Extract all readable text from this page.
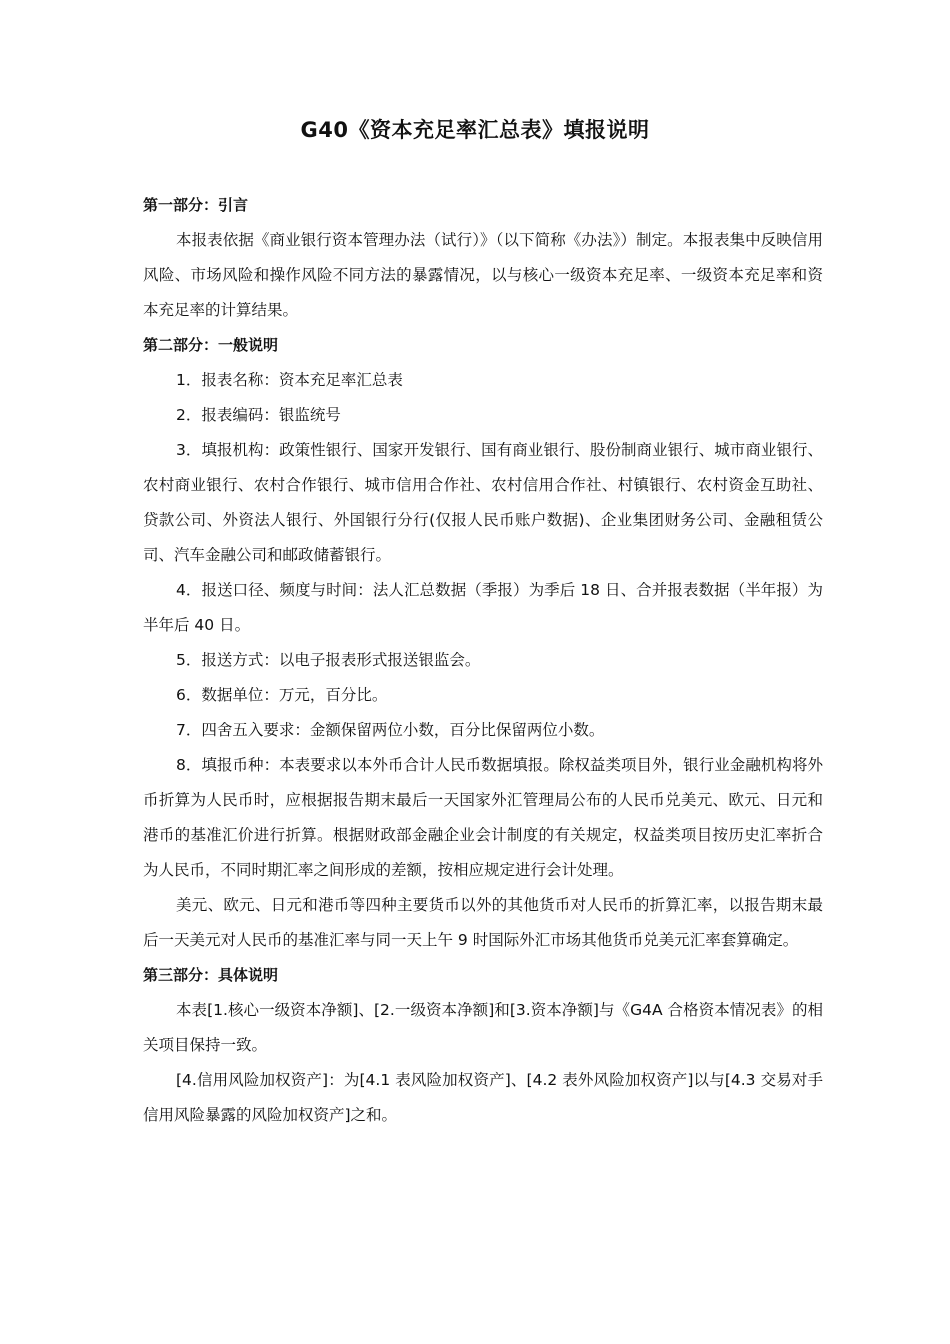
G40《资本充足率汇总表》填报说明

第一部分：引言

本报表依据《商业银行资本管理办法（试行）》（以下简称《办法》）制定。本报表集中反映信用风险、市场风险和操作风险不同方法的暴露情况，以与核心一级资本充足率、一级资本充足率和资本充足率的计算结果。

第二部分：一般说明

1．报表名称：资本充足率汇总表

2．报表编码：银监统号

3．填报机构：政策性银行、国家开发银行、国有商业银行、股份制商业银行、城市商业银行、农村商业银行、农村合作银行、城市信用合作社、农村信用合作社、村镇银行、农村资金互助社、贷款公司、外资法人银行、外国银行分行(仅报人民币账户数据)、企业集团财务公司、金融租赁公司、汽车金融公司和邮政储蓄银行。

4．报送口径、频度与时间：法人汇总数据（季报）为季后 18 日、合并报表数据（半年报）为半年后 40 日。

5．报送方式：以电子报表形式报送银监会。

6．数据单位：万元，百分比。

7．四舍五入要求：金额保留两位小数，百分比保留两位小数。

8．填报币种：本表要求以本外币合计人民币数据填报。除权益类项目外，银行业金融机构将外币折算为人民币时，应根据报告期末最后一天国家外汇管理局公布的人民币兑美元、欧元、日元和港币的基准汇价进行折算。根据财政部金融企业会计制度的有关规定，权益类项目按历史汇率折合为人民币，不同时期汇率之间形成的差额，按相应规定进行会计处理。

美元、欧元、日元和港币等四种主要货币以外的其他货币对人民币的折算汇率，以报告期末最后一天美元对人民币的基准汇率与同一天上午 9 时国际外汇市场其他货币兑美元汇率套算确定。

第三部分：具体说明

本表[1.核心一级资本净额]、[2.一级资本净额]和[3.资本净额]与《G4A 合格资本情况表》的相关项目保持一致。

[4.信用风险加权资产]：为[4.1 表风险加权资产]、[4.2 表外风险加权资产]以与[4.3 交易对手信用风险暴露的风险加权资产]之和。
